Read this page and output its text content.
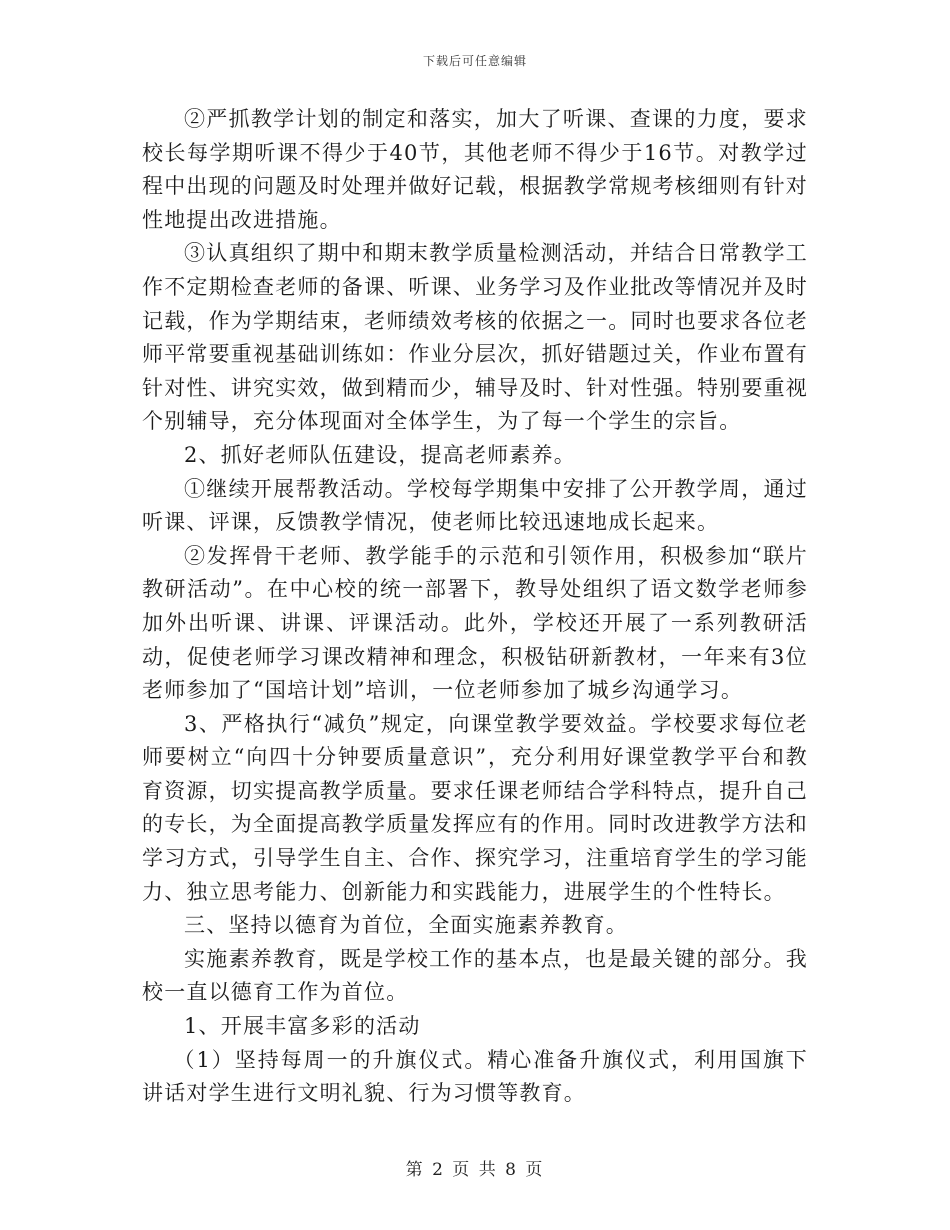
下载后可任意编辑

②严抓教学计划的制定和落实，加大了听课、查课的力度，要求校长每学期听课不得少于40节，其他老师不得少于16节。对教学过程中出现的问题及时处理并做好记载，根据教学常规考核细则有针对性地提出改进措施。

③认真组织了期中和期末教学质量检测活动，并结合日常教学工作不定期检查老师的备课、听课、业务学习及作业批改等情况并及时记载，作为学期结束，老师绩效考核的依据之一。同时也要求各位老师平常要重视基础训练如：作业分层次，抓好错题过关，作业布置有针对性、讲究实效，做到精而少，辅导及时、针对性强。特别要重视个别辅导，充分体现面对全体学生，为了每一个学生的宗旨。

2、抓好老师队伍建设，提高老师素养。

①继续开展帮教活动。学校每学期集中安排了公开教学周，通过听课、评课，反馈教学情况，使老师比较迅速地成长起来。

②发挥骨干老师、教学能手的示范和引领作用，积极参加“联片教研活动”。在中心校的统一部署下，教导处组织了语文数学老师参加外出听课、讲课、评课活动。此外，学校还开展了一系列教研活动，促使老师学习课改精神和理念，积极钻研新教材，一年来有3位老师参加了“国培计划”培训，一位老师参加了城乡沟通学习。

3、严格执行“减负”规定，向课堂教学要效益。学校要求每位老师要树立“向四十分钟要质量意识”，充分利用好课堂教学平台和教育资源，切实提高教学质量。要求任课老师结合学科特点，提升自己的专长，为全面提高教学质量发挥应有的作用。同时改进教学方法和学习方式，引导学生自主、合作、探究学习，注重培育学生的学习能力、独立思考能力、创新能力和实践能力，进展学生的个性特长。

三、坚持以德育为首位，全面实施素养教育。

实施素养教育，既是学校工作的基本点，也是最关键的部分。我校一直以德育工作为首位。

1、开展丰富多彩的活动

（1）坚持每周一的升旗仪式。精心准备升旗仪式，利用国旗下讲话对学生进行文明礼貌、行为习惯等教育。

第 2 页 共 8 页
